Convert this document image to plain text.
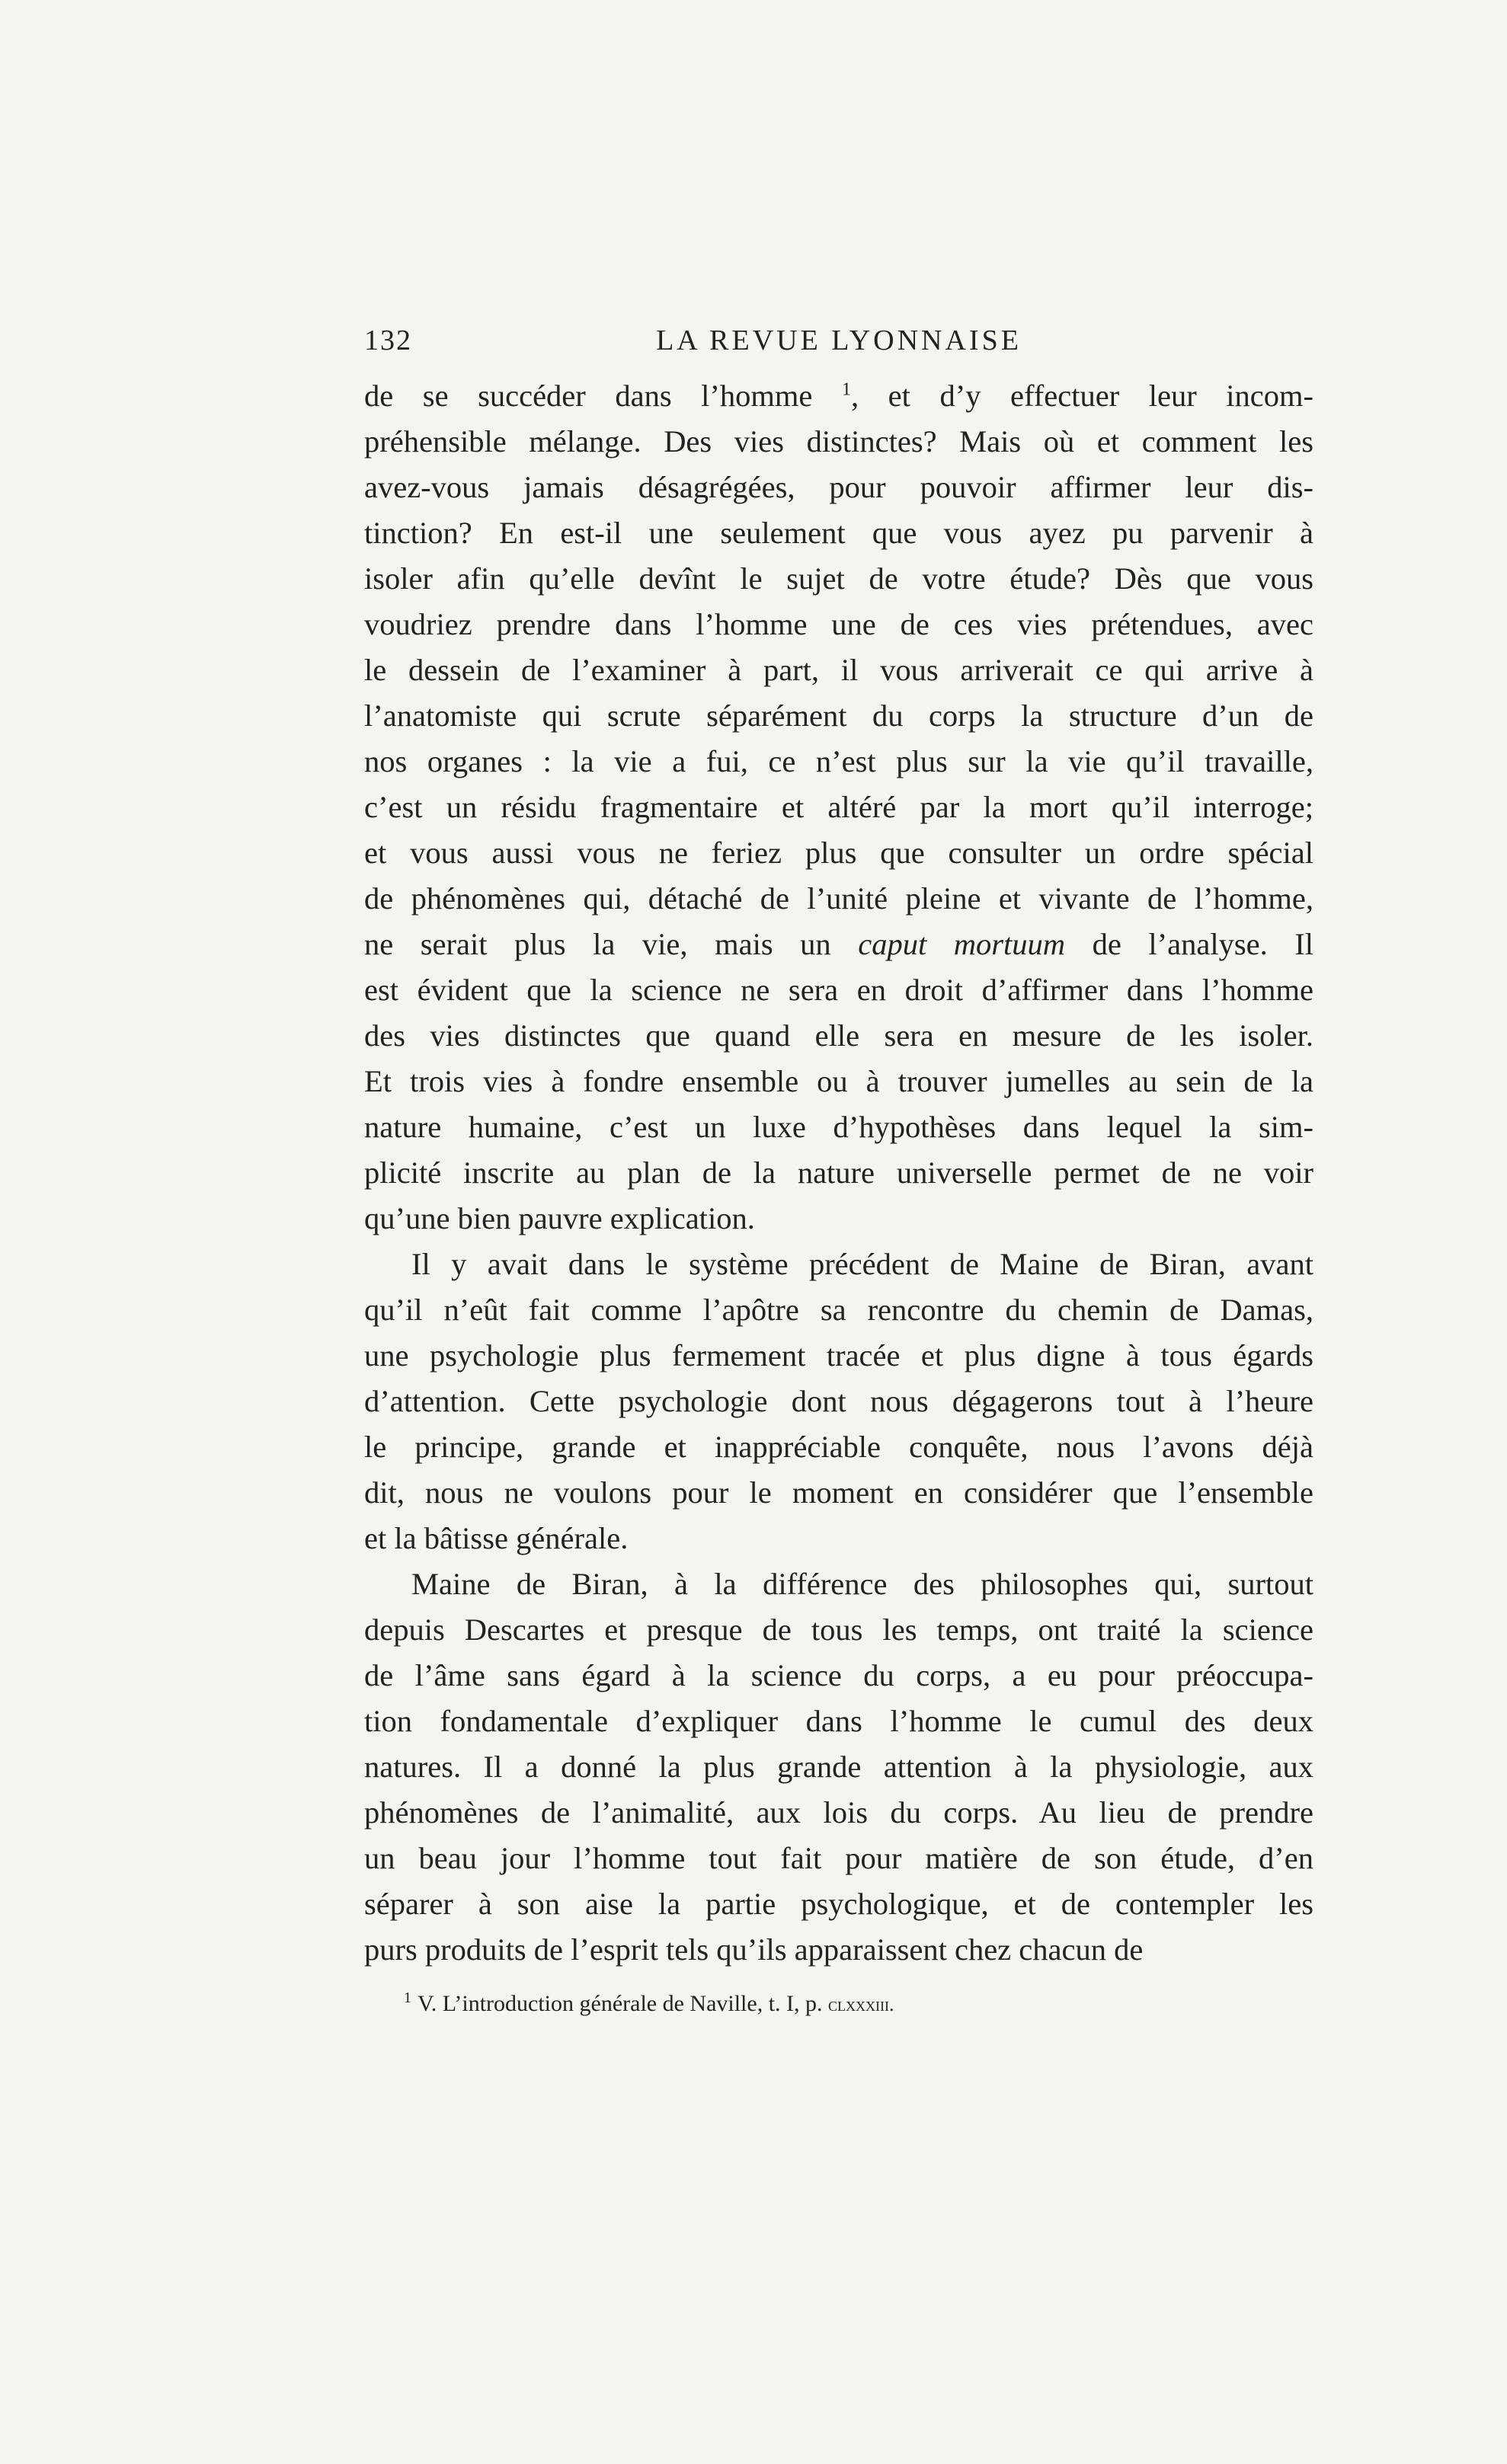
132	LA REVUE LYONNAISE
de se succéder dans l’homme $^1$, et d’y effectuer leur incom-
préhensible mélange. Des vies distinctes? Mais où et comment les
avez-vous jamais désagrégées, pour pouvoir affirmer leur dis-
tinction? En est-il une seulement que vous ayez pu parvenir à
isoler afin qu’elle devînt le sujet de votre étude? Dès que vous
voudriez prendre dans l’homme une de ces vies prétendues, avec
le dessein de l’examiner à part, il vous arriverait ce qui arrive à
l’anatomiste qui scrute séparément du corps la structure d’un de
nos organes : la vie a fui, ce n’est plus sur la vie qu’il travaille,
c’est un résidu fragmentaire et altéré par la mort qu’il interroge;
et vous aussi vous ne feriez plus que consulter un ordre spécial
de phénomènes qui, détaché de l’unité pleine et vivante de l’homme,
ne serait plus la vie, mais un caput mortuum de l’analyse. Il
est évident que la science ne sera en droit d’affirmer dans l’homme
des vies distinctes que quand elle sera en mesure de les isoler.
Et trois vies à fondre ensemble ou à trouver jumelles au sein de la
nature humaine, c’est un luxe d’hypothèses dans lequel la sim-
plicité inscrite au plan de la nature universelle permet de ne voir
qu’une bien pauvre explication.
Il y avait dans le système précédent de Maine de Biran, avant
qu’il n’eût fait comme l’apôtre sa rencontre du chemin de Damas,
une psychologie plus fermement tracée et plus digne à tous égards
d’attention. Cette psychologie dont nous dégagerons tout à l’heure
le principe, grande et inappréciable conquête, nous l’avons déjà
dit, nous ne voulons pour le moment en considérer que l’ensemble
et la bâtisse générale.
Maine de Biran, à la différence des philosophes qui, surtout
depuis Descartes et presque de tous les temps, ont traité la science
de l’âme sans égard à la science du corps, a eu pour préoccupa-
tion fondamentale d’expliquer dans l’homme le cumul des deux
natures. Il a donné la plus grande attention à la physiologie, aux
phénomènes de l’animalité, aux lois du corps. Au lieu de prendre
un beau jour l’homme tout fait pour matière de son étude, d’en
séparer à son aise la partie psychologique, et de contempler les
purs produits de l’esprit tels qu’ils apparaissent chez chacun de
$^1$ V. L’introduction générale de Naville, t. I, p. clxxxiii.
